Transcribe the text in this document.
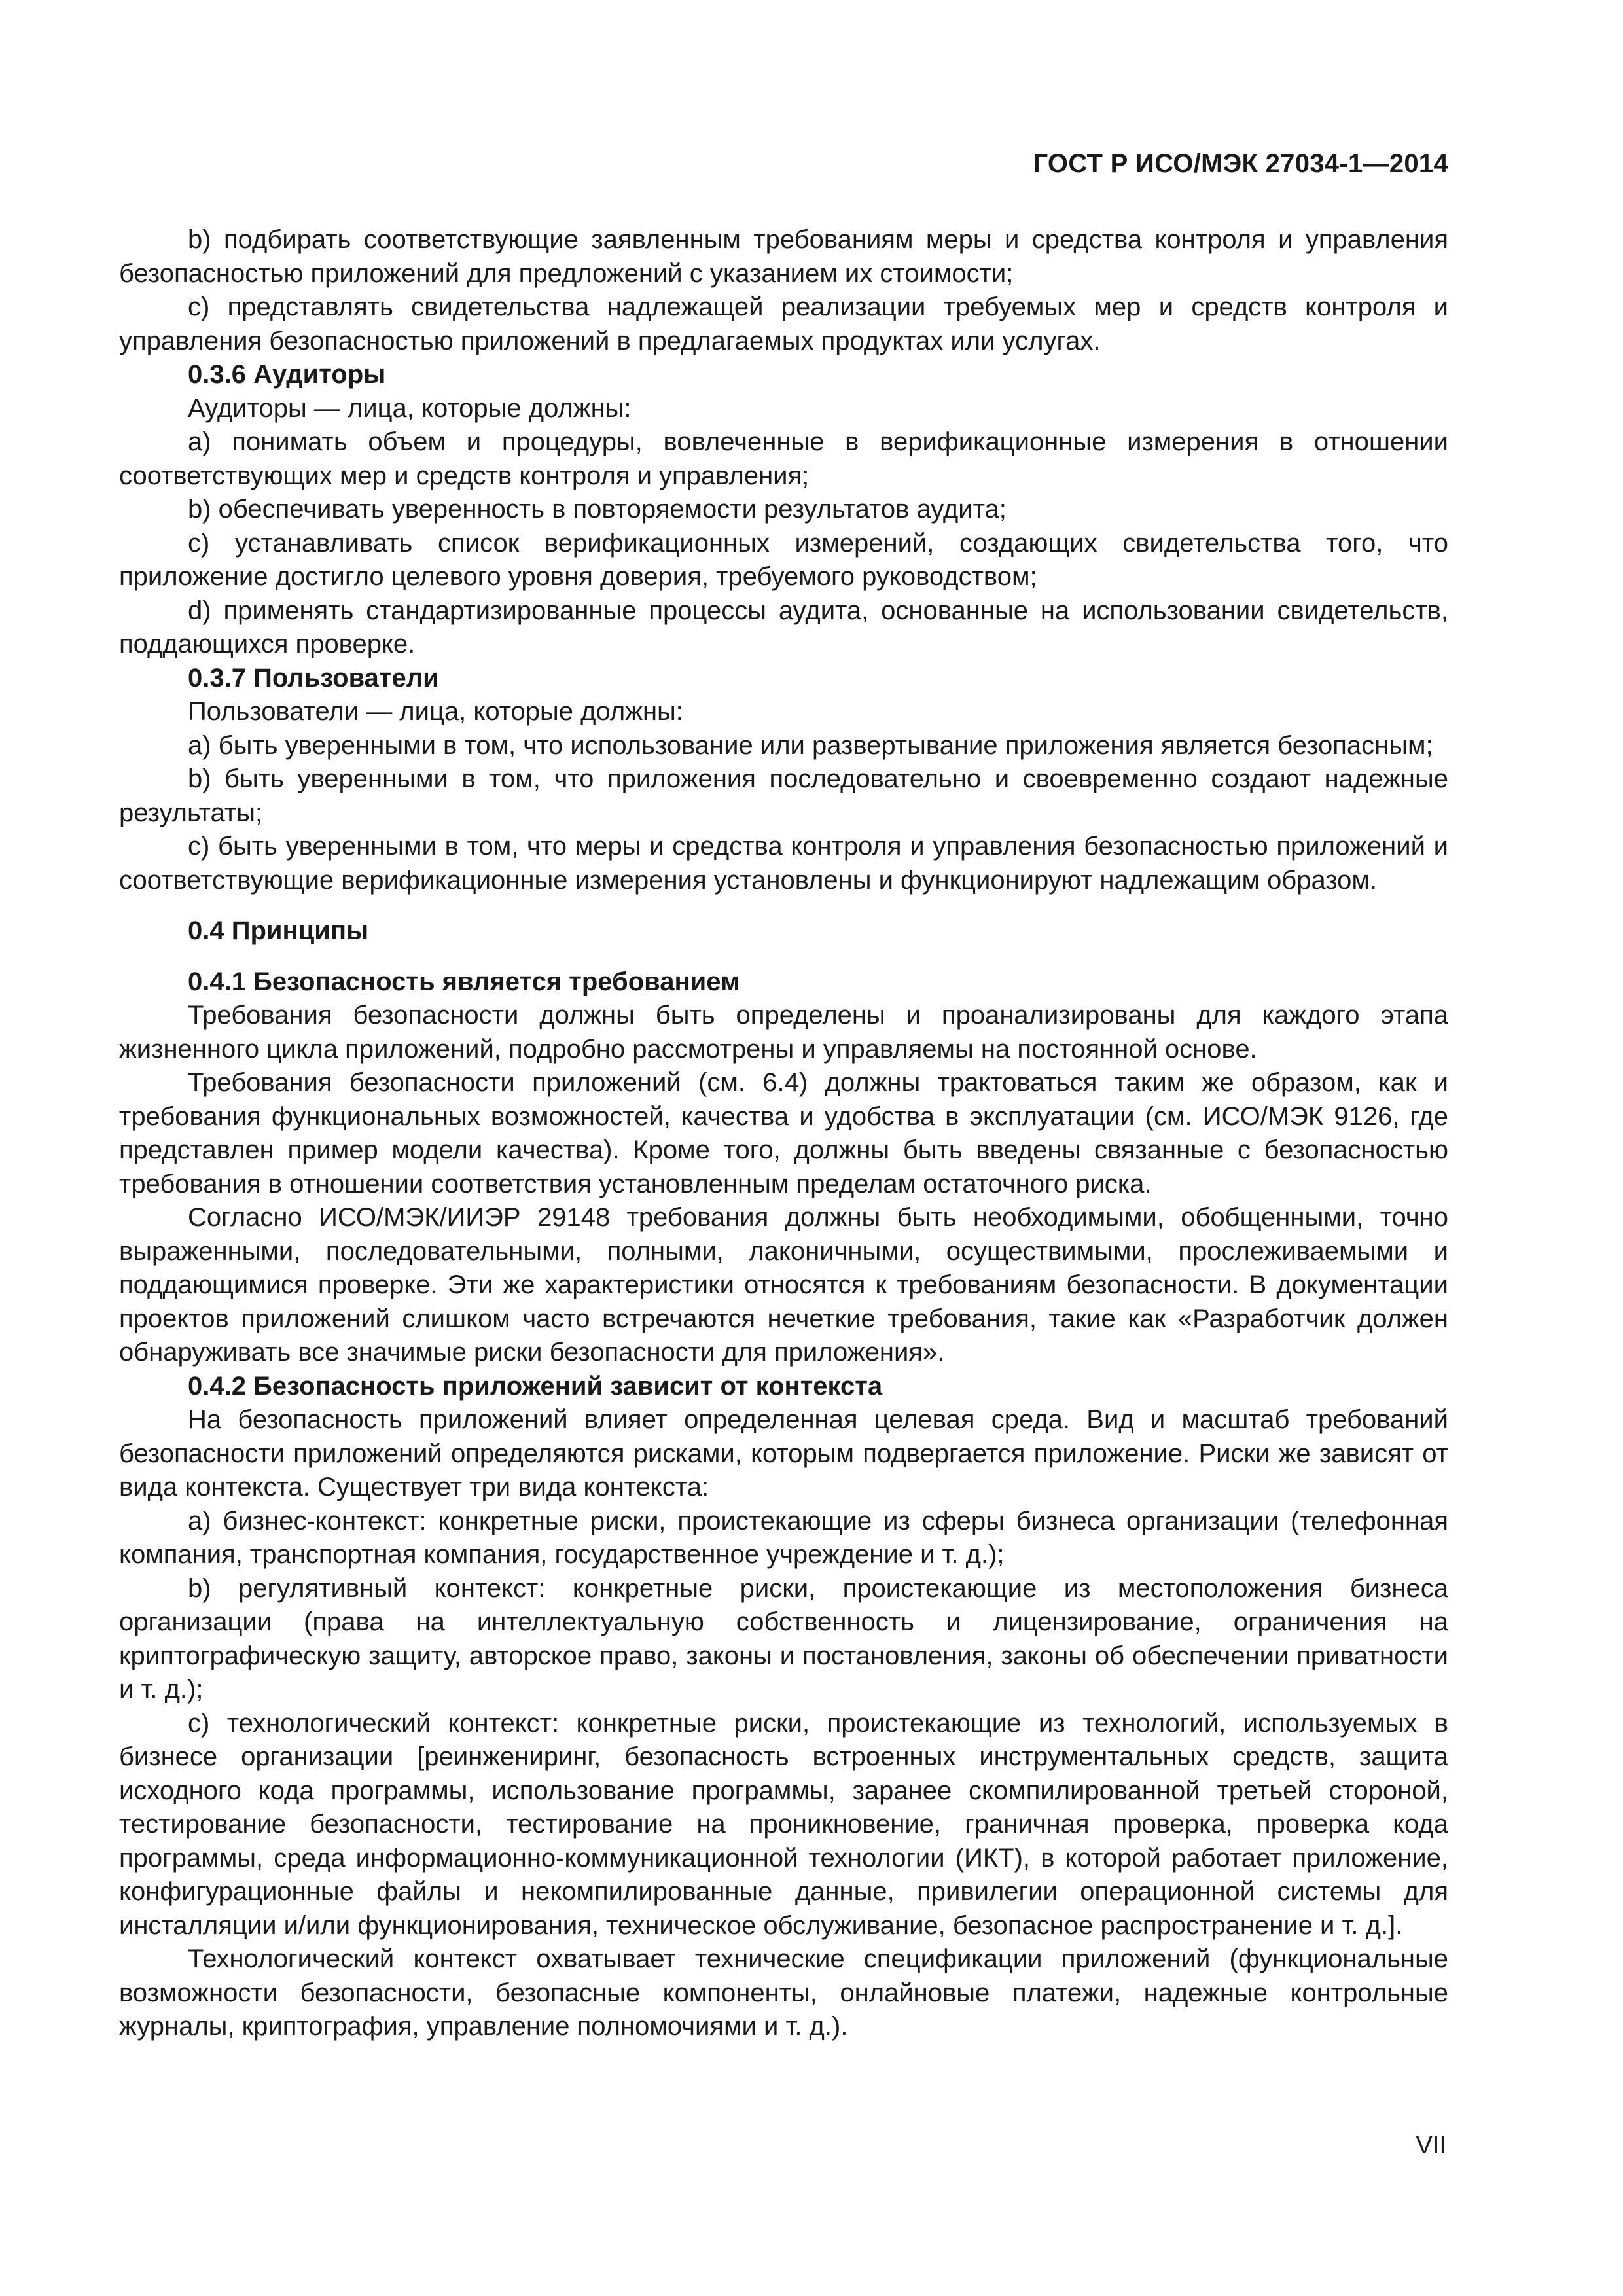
ГОСТ Р ИСО/МЭК 27034-1—2014

b) подбирать соответствующие заявленным требованиям меры и средства контроля и управления безопасностью приложений для предложений с указанием их стоимости;

c) представлять свидетельства надлежащей реализации требуемых мер и средств контроля и управления безопасностью приложений в предлагаемых продуктах или услугах.

0.3.6 Аудиторы

Аудиторы — лица, которые должны:

a) понимать объем и процедуры, вовлеченные в верификационные измерения в отношении соответствующих мер и средств контроля и управления;

b) обеспечивать уверенность в повторяемости результатов аудита;

c) устанавливать список верификационных измерений, создающих свидетельства того, что приложение достигло целевого уровня доверия, требуемого руководством;

d) применять стандартизированные процессы аудита, основанные на использовании свидетельств, поддающихся проверке.

0.3.7 Пользователи

Пользователи — лица, которые должны:

a) быть уверенными в том, что использование или развертывание приложения является безопасным;

b) быть уверенными в том, что приложения последовательно и своевременно создают надежные результаты;

c) быть уверенными в том, что меры и средства контроля и управления безопасностью приложений и соответствующие верификационные измерения установлены и функционируют надлежащим образом.

0.4 Принципы
0.4.1 Безопасность является требованием

Требования безопасности должны быть определены и проанализированы для каждого этапа жизненного цикла приложений, подробно рассмотрены и управляемы на постоянной основе.

Требования безопасности приложений (см. 6.4) должны трактоваться таким же образом, как и требования функциональных возможностей, качества и удобства в эксплуатации (см. ИСО/МЭК 9126, где представлен пример модели качества). Кроме того, должны быть введены связанные с безопасностью требования в отношении соответствия установленным пределам остаточного риска.

Согласно ИСО/МЭК/ИИЭР 29148 требования должны быть необходимыми, обобщенными, точно выраженными, последовательными, полными, лаконичными, осуществимыми, прослеживаемыми и поддающимися проверке. Эти же характеристики относятся к требованиям безопасности. В документации проектов приложений слишком часто встречаются нечеткие требования, такие как «Разработчик должен обнаруживать все значимые риски безопасности для приложения».

0.4.2 Безопасность приложений зависит от контекста

На безопасность приложений влияет определенная целевая среда. Вид и масштаб требований безопасности приложений определяются рисками, которым подвергается приложение. Риски же зависят от вида контекста. Существует три вида контекста:

a) бизнес-контекст: конкретные риски, проистекающие из сферы бизнеса организации (телефонная компания, транспортная компания, государственное учреждение и т. д.);

b) регулятивный контекст: конкретные риски, проистекающие из местоположения бизнеса организации (права на интеллектуальную собственность и лицензирование, ограничения на криптографическую защиту, авторское право, законы и постановления, законы об обеспечении приватности и т. д.);

c) технологический контекст: конкретные риски, проистекающие из технологий, используемых в бизнесе организации [реинжениринг, безопасность встроенных инструментальных средств, защита исходного кода программы, использование программы, заранее скомпилированной третьей стороной, тестирование безопасности, тестирование на проникновение, граничная проверка, проверка кода программы, среда информационно-коммуникационной технологии (ИКТ), в которой работает приложение, конфигурационные файлы и некомпилированные данные, привилегии операционной системы для инсталляции и/или функционирования, техническое обслуживание, безопасное распространение и т. д.].

Технологический контекст охватывает технические спецификации приложений (функциональные возможности безопасности, безопасные компоненты, онлайновые платежи, надежные контрольные журналы, криптография, управление полномочиями и т. д.).

VII
